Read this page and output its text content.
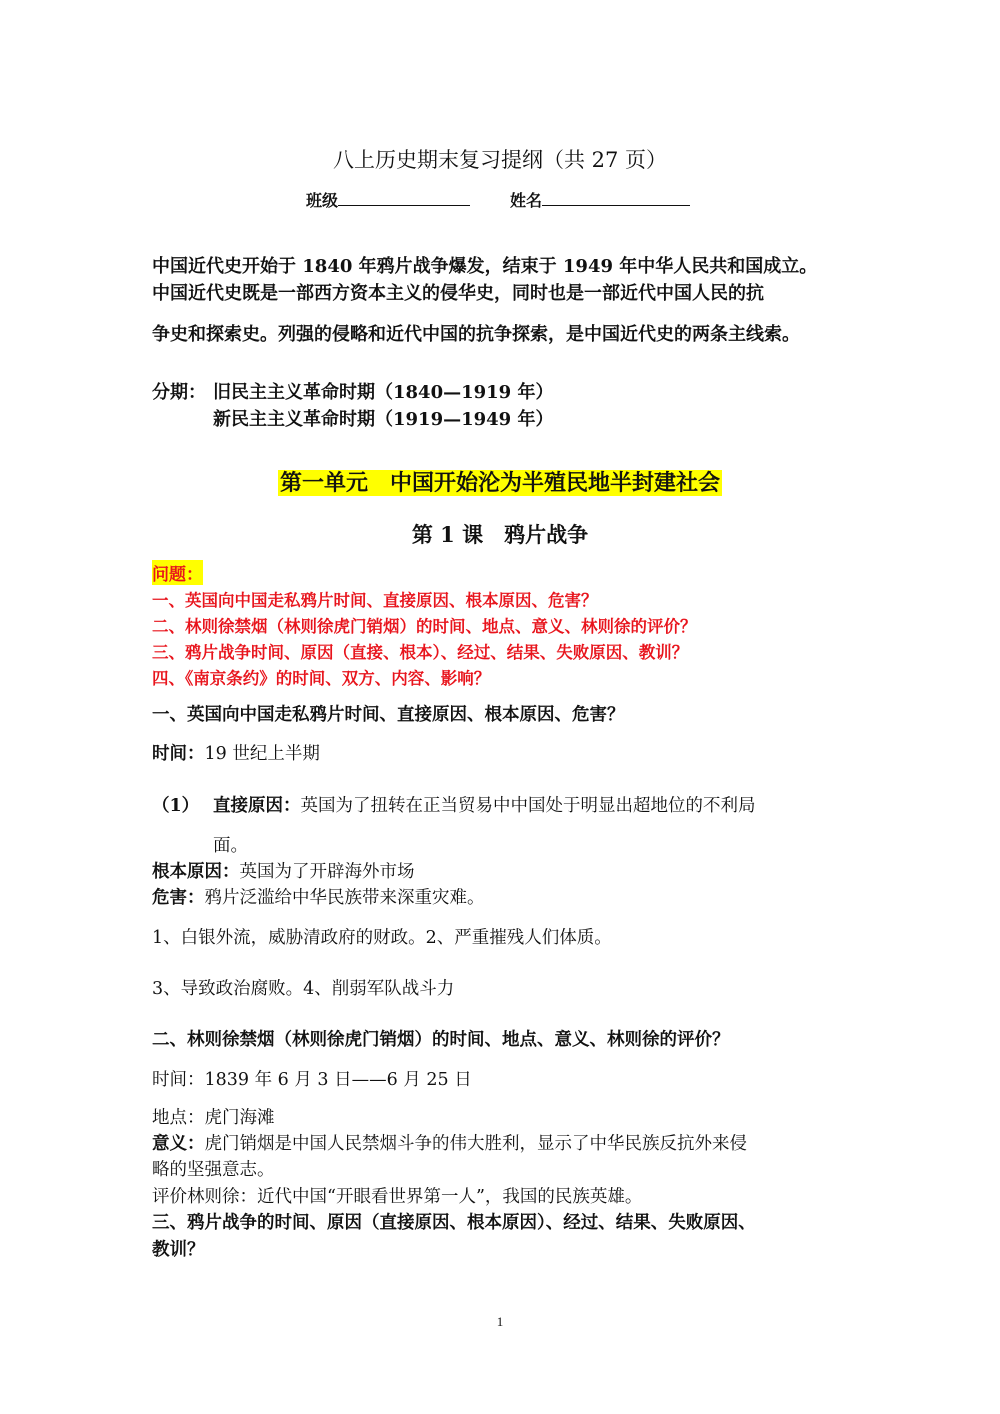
八上历史期末复习提纲（共 27 页）
班级	姓名
中国近代史开始于 1840 年鸦片战争爆发，结束于 1949 年中华人民共和国成立。
中国近代史既是一部西方资本主义的侵华史，同时也是一部近代中国人民的抗
争史和探索史。列强的侵略和近代中国的抗争探索，是中国近代史的两条主线索。
分期： 旧民主主义革命时期（1840—1919 年）
新民主主义革命时期（1919—1949 年）
第一单元　中国开始沦为半殖民地半封建社会
第 1 课　鸦片战争
问题：
一、英国向中国走私鸦片时间、直接原因、根本原因、危害？
二、林则徐禁烟（林则徐虎门销烟）的时间、地点、意义、林则徐的评价？
三、鸦片战争时间、原因（直接、根本）、经过、结果、失败原因、教训？
四、《南京条约》的时间、双方、内容、影响？
一、英国向中国走私鸦片时间、直接原因、根本原因、危害？
时间：19 世纪上半期
（1） 直接原因：英国为了扭转在正当贸易中中国处于明显出超地位的不利局
面。
根本原因：英国为了开辟海外市场
危害：鸦片泛滥给中华民族带来深重灾难。
1、白银外流，威胁清政府的财政。2、严重摧残人们体质。
3、导致政治腐败。4、削弱军队战斗力
二、林则徐禁烟（林则徐虎门销烟）的时间、地点、意义、林则徐的评价？
时间：1839 年 6 月 3 日——6 月 25 日
地点：虎门海滩
意义：虎门销烟是中国人民禁烟斗争的伟大胜利，显示了中华民族反抗外来侵
略的坚强意志。
评价林则徐：近代中国“开眼看世界第一人”，我国的民族英雄。
三、鸦片战争的时间、原因（直接原因、根本原因）、经过、结果、失败原因、
教训？
1
